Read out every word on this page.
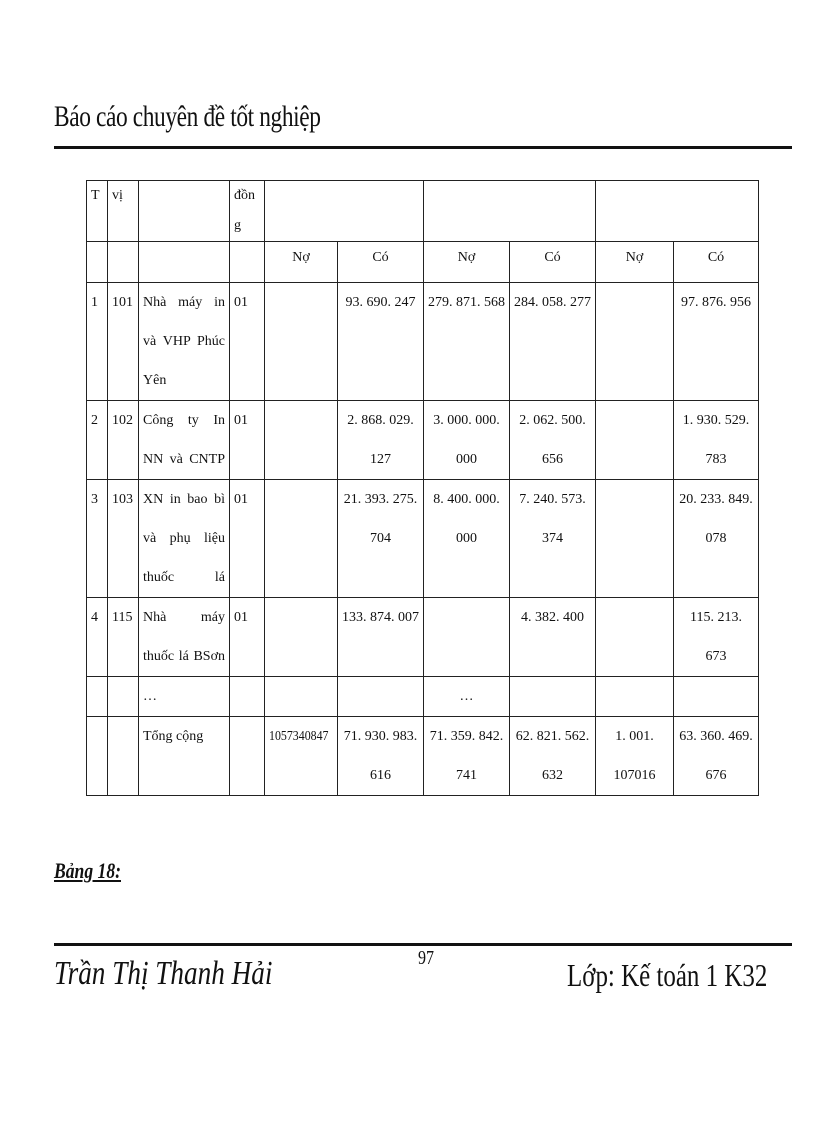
Báo cáo chuyên đề tốt nghiệp
T	vị		đồng						
				Nợ	Có	Nợ	Có	Nợ	Có
1	101	Nhà máy in và VHP Phúc Yên	01		93. 690. 247	279. 871. 568	284. 058. 277		97. 876. 956
2	102	Công ty In NN và CNTP	01		2. 868. 029. 127	3. 000. 000. 000	2. 062. 500. 656		1. 930. 529. 783
3	103	XN in bao bì và phụ liệu thuốc lá	01		21. 393. 275. 704	8. 400. 000. 000	7. 240. 573. 374		20. 233. 849. 078
4	115	Nhà máy thuốc lá BSơn	01		133. 874. 007		4. 382. 400		115. 213. 673
		…				…			
		Tổng cộng		1057340847	71. 930. 983. 616	71. 359. 842. 741	62. 821. 562. 632	1. 001. 107016	63. 360. 469. 676
Bảng 18:
Trần Thị Thanh Hải	97	Lớp: Kế toán 1 K32
